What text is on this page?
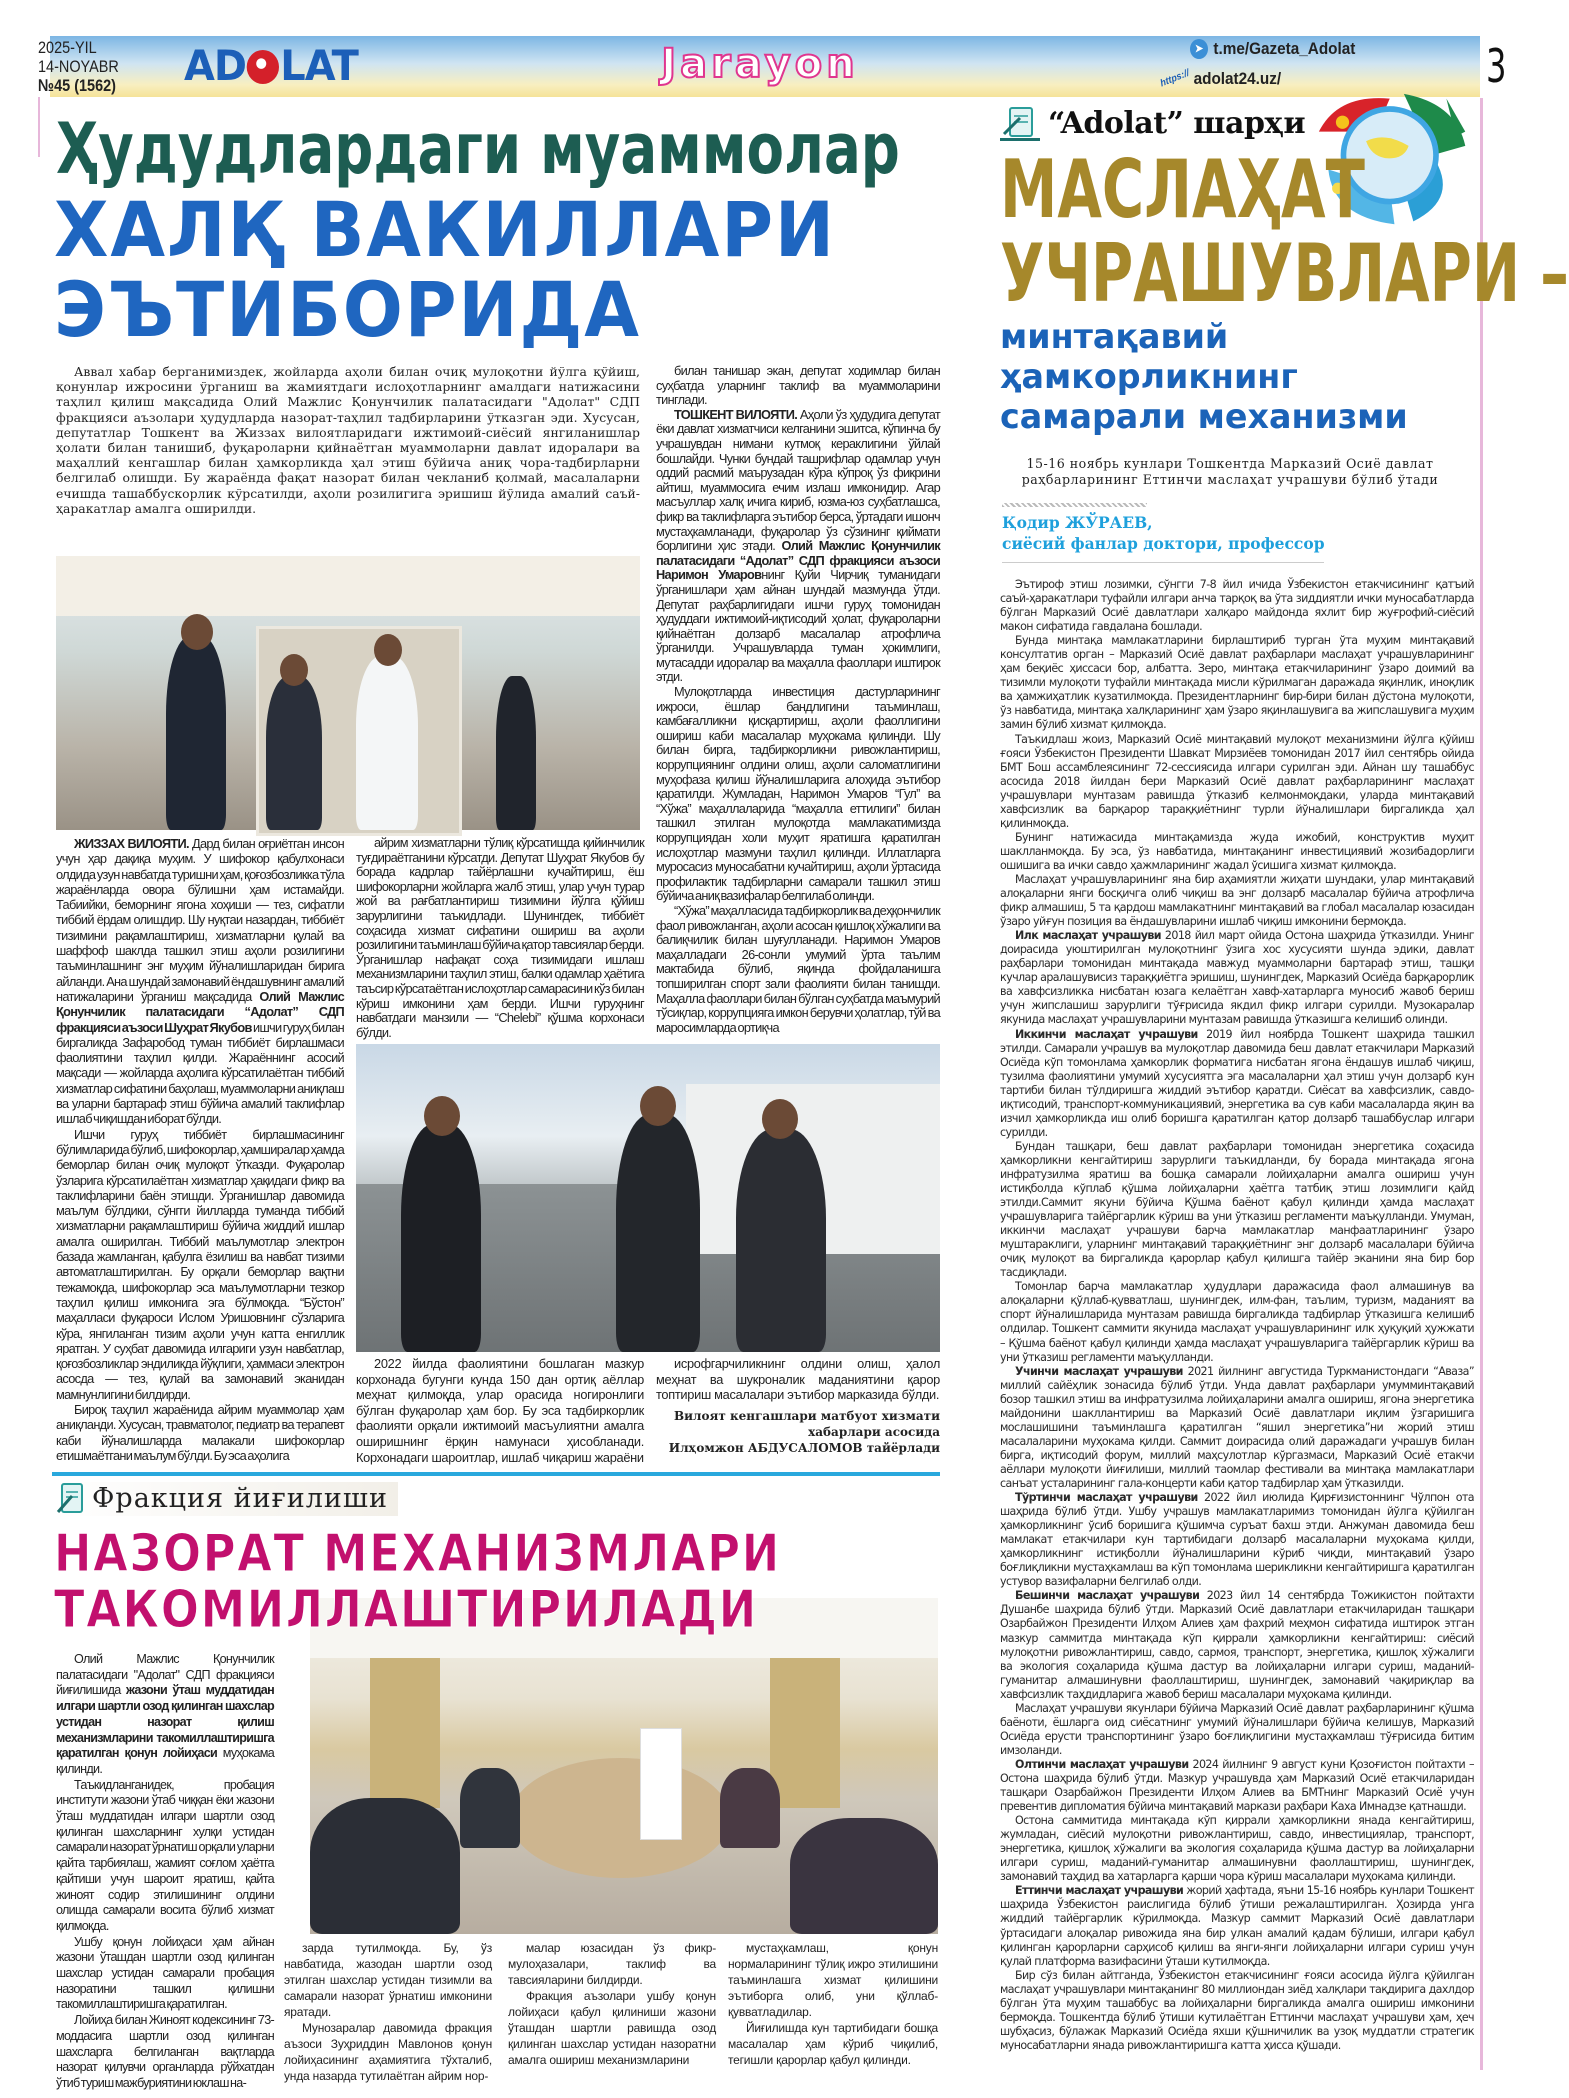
2025-YIL
14-NOYABR
№45 (1562) AD LAT	Jarayon	➤ t.me/Gazeta_Adolat
https:// adolat24.uz/	3
Ҳудудлардаги муаммолар
ХАЛҚ ВАКИЛЛАРИ
ЭЪТИБОРИДА

Аввал хабар берганимиздек, жойларда аҳоли билан очиқ мулоқотни йўлга қўйиш, қонунлар ижросини ўрганиш ва жамиятдаги ислоҳотларнинг амалдаги натижасини таҳлил қилиш мақсадида Олий Мажлис Қонунчилик палатасидаги "Адолат" СДП фракцияси аъзолари ҳудудларда назорат-таҳлил тадбирларини ўтказган эди. Хусусан, депутатлар Тошкент ва Жиззах вилоятларидаги ижтимоий-сиёсий янгиланишлар ҳолати билан танишиб, фуқароларни қийнаётган муаммоларни давлат идоралари ва маҳаллий кенгашлар билан ҳамкорликда ҳал этиш бўйича аниқ чора-тадбирларни белгилаб олишди. Бу жараёнда фақат назорат билан чекланиб қолмай, масалаларни ечишда ташаббускорлик кўрсатилди, аҳоли розилигига эришиш йўлида амалий саъй-ҳаракатлар амалга оширилди.

ЖИЗЗАХ ВИЛОЯТИ. Дард билан оғриётган инсон учун ҳар дақиқа муҳим. У шифокор қабулхонаси олдида узун навбатда туришни ҳам, қоғозбозликка тўла жараёнларда овора бўлишни ҳам истамайди. Табиийки, беморнинг ягона хоҳиши — тез, сифатли тиббий ёрдам олишдир. Шу нуқтаи назардан, тиббиёт тизимини рақамлаштириш, хизматларни қулай ва шаффоф шаклда ташкил этиш аҳоли розилигини таъминлашнинг энг муҳим йўналишларидан бирига айланди. Ана шундай замонавий ёндашувнинг амалий натижаларини ўрганиш мақсадида Олий Мажлис Қонунчилик палатасидаги “Адолат” СДП фракцияси аъзоси Шуҳрат Якубов ишчи гуруҳ билан биргаликда Зафаробод туман тиббиёт бирлашмаси фаолиятини таҳлил қилди. Жараённинг асосий мақсади — жойларда аҳолига кўрсатилаётган тиббий хизматлар сифатини баҳолаш, муаммоларни аниқлаш ва уларни бартараф этиш бўйича амалий таклифлар ишлаб чиқишдан иборат бўлди.

Ишчи гуруҳ тиббиёт бирлашмасининг бўлимларида бўлиб, шифокорлар, ҳамширалар ҳамда беморлар билан очиқ мулоқот ўтказди. Фуқаролар ўзларига кўрсатилаётган хизматлар ҳақидаги фикр ва таклифларини баён этишди. Ўрганишлар давомида маълум бўлдики, сўнгги йилларда туманда тиббий хизматларни рақамлаштириш бўйича жиддий ишлар амалга оширилган. Тиббий маълумотлар электрон базада жамланган, қабулга ёзилиш ва навбат тизими автоматлаштирилган. Бу орқали беморлар вақтни тежамоқда, шифокорлар эса маълумотларни тезкор таҳлил қилиш имконига эга бўлмоқда. “Бўстон” маҳалласи фуқароси Ислом Уришовнинг сўзларига кўра, янгиланган тизим аҳоли учун катта енгиллик яратган. У суҳбат давомида илгариги узун навбатлар, қоғозбозликлар эндиликда йўқлиги, ҳаммаси электрон асосда — тез, қулай ва замонавий эканидан мамнунлигини билдирди.

Бироқ таҳлил жараёнида айрим муаммолар ҳам аниқланди. Хусусан, травматолог, педиатр ва терапевт каби йўналишларда малакали шифокорлар етишмаётгани маълум бўлди. Бу эса аҳолига

айрим хизматларни тўлиқ кўрсатишда қийинчилик туғдираётганини кўрсатди. Депутат Шуҳрат Якубов бу борада кадрлар тайёрлашни кучайтириш, ёш шифокорларни жойларга жалб этиш, улар учун турар жой ва рағбатлантириш тизимини йўлга қўйиш зарурлигини таъкидлади. Шунингдек, тиббиёт соҳасида хизмат сифатини ошириш ва аҳоли розилигини таъминлаш бўйича қатор тавсиялар берди. Ўрганишлар нафақат соҳа тизимидаги ишлаш механизмларини таҳлил этиш, балки одамлар ҳаётига таъсир кўрсатаётган ислоҳотлар самарасини кўз билан кўриш имконини ҳам берди. Ишчи гуруҳнинг навбатдаги манзили — “Chelebi” қўшма корхонаси бўлди.

билан танишар экан, депутат ходимлар билан суҳбатда уларнинг таклиф ва муаммоларини тинглади.

ТОШКЕНТ ВИЛОЯТИ. Аҳоли ўз ҳудудига депутат ёки давлат хизматчиси келганини эшитса, кўпинча бу учрашувдан нимани кутмоқ кераклигини ўйлай бошлайди. Чунки бундай ташрифлар одамлар учун оддий расмий маърузадан кўра кўпроқ ўз фикрини айтиш, муаммосига ечим излаш имконидир. Агар масъуллар халқ ичига кириб, юзма-юз суҳбатлашса, фикр ва таклифларга эътибор берса, ўртадаги ишонч мустаҳкамланади, фуқаролар ўз сўзининг қиймати борлигини ҳис этади. Олий Мажлис Қонунчилик палатасидаги “Адолат” СДП фракцияси аъзоси Наримон Умаровнинг Қуйи Чирчиқ туманидаги ўрганишлари ҳам айнан шундай мазмунда ўтди. Депутат раҳбарлигидаги ишчи гуруҳ томонидан ҳудуддаги ижтимоий-иқтисодий ҳолат, фуқароларни қийнаётган долзарб масалалар атрофлича ўрганилди. Учрашувларда туман ҳокимлиги, мутасадди идоралар ва маҳалла фаоллари иштирок этди.

Мулоқотларда инвестиция дастурларининг ижроси, ёшлар бандлигини таъминлаш, камбағалликни қисқартириш, аҳоли фаоллигини ошириш каби масалалар муҳокама қилинди. Шу билан бирга, тадбиркорликни ривожлантириш, коррупциянинг олдини олиш, аҳоли саломатлигини муҳофаза қилиш йўналишларига алоҳида эътибор қаратилди. Жумладан, Наримон Умаров “Гул” ва “Хўжа” маҳаллаларида “маҳалла еттилиги” билан ташкил этилган мулоқотда мамлакатимизда коррупциядан холи муҳит яратишга қаратилган ислоҳотлар мазмуни таҳлил қилинди. Иллатларга муросасиз муносабатни кучайтириш, аҳоли ўртасида профилактик тадбирларни самарали ташкил этиш бўйича аниқ вазифалар белгилаб олинди.

“Хўжа” маҳалласида тадбиркорлик ва деҳқончилик фаол ривожланган, аҳоли асосан қишлоқ хўжалиги ва балиқчилик билан шуғулланади. Наримон Умаров маҳалладаги 26-сонли умумий ўрта таълим мактабида бўлиб, яқинда фойдаланишга топширилган спорт зали фаолияти билан танишди. Маҳалла фаоллари билан бўлган суҳбатда маъмурий тўсиқлар, коррупцияга имкон берувчи ҳолатлар, тўй ва маросимларда ортиқча

2022 йилда фаолиятини бошлаган мазкур корхонада бугунги кунда 150 дан ортиқ аёллар меҳнат қилмоқда, улар орасида ногиронлиги бўлган фуқаролар ҳам бор. Бу эса тадбиркорлик фаолияти орқали ижтимоий масъулиятни амалга оширишнинг ёрқин намунаси ҳисобланади. Корхонадаги шароитлар, ишлаб чиқариш жараёни

исрофгарчиликнинг олдини олиш, ҳалол меҳнат ва шукроналик маданиятини қарор топтириш масалалари эътибор марказида бўлди.

Вилоят кенгашлари матбуот хизмати
хабарлари асосида
Илҳомжон АБДУСАЛОМОВ тайёрлади
Фракция йиғилиши
НАЗОРАТ МЕХАНИЗМЛАРИ
ТАКОМИЛЛАШТИРИЛАДИ

Олий Мажлис Қонунчилик палатасидаги "Адолат" СДП фракцияси йиғилишида жазони ўташ муддатидан илгари шартли озод қилинган шахслар устидан назорат қилиш механизмларини такомиллаштиришга қаратилган қонун лойиҳаси муҳокама қилинди.

Таъкидланганидек, пробация институти жазони ўтаб чиққан ёки жазони ўташ муддатидан илгари шартли озод қилинган шахсларнинг хулқи устидан самарали назорат ўрнатиш орқали уларни қайта тарбиялаш, жамият соғлом ҳаётга қайтиши учун шароит яратиш, қайта жиноят содир этилишининг олдини олишда самарали восита бўлиб хизмат қилмоқда.

Ушбу қонун лойиҳаси ҳам айнан жазони ўташдан шартли озод қилинган шахслар устидан самарали пробация назоратини ташкил қилишни такомиллаштиришга қаратилган.

Лойиҳа билан Жиноят кодексининг 73-моддасига шартли озод қилинган шахсларга белгиланган вақтларда назорат қилувчи органларда рўйхатдан ўтиб туриш мажбуриятини юклаш на-

зарда тутилмоқда. Бу, ўз навбатида, жазодан шартли озод этилган шахслар устидан тизимли ва самарали назорат ўрнатиш имконини яратади.

Мунозаралар давомида фракция аъзоси Зуҳриддин Мавлонов қонун лойиҳасининг аҳамиятига тўхталиб, унда назарда тутилаётган айрим нор-

малар юзасидан ўз фикр-мулоҳазалари, таклиф ва тавсияларини билдирди.

Фракция аъзолари ушбу қонун лойиҳаси қабул қилиниши жазони ўташдан шартли равишда озод қилинган шахслар устидан назоратни амалга ошириш механизмларини

мустаҳкамлаш, қонун нормаларининг тўлиқ ижро этилишини таъминлашга хизмат қилишини эътиборга олиб, уни қўллаб-қувватладилар.

Йиғилишда кун тартибидаги бошқа масалалар ҳам кўриб чиқилиб, тегишли қарорлар қабул қилинди.

“Adolat” шарҳи
МАСЛАҲАТ
УЧРАШУВЛАРИ –
минтақавий
ҳамкорликнинг
самарали механизми
15-16 ноябрь кунлари Тошкентда Марказий Осиё давлат
раҳбарларининг Еттинчи маслаҳат учрашуви бўлиб ўтади
Қодир ЖЎРАЕВ,
сиёсий фанлар доктори, профессор

Эътироф этиш лозимки, сўнгги 7-8 йил ичида Ўзбекистон етакчисининг қатъий саъй-ҳаракатлари туфайли илгари анча тарқоқ ва ўта зиддиятли ички муносабатларда бўлган Марказий Осиё давлатлари халқаро майдонда яхлит бир жуғрофий-сиёсий макон сифатида гавдалана бошлади.

Бунда минтақа мамлакатларини бирлаштириб турган ўта муҳим минтақавий консултатив орган – Марказий Осиё давлат раҳбарлари маслаҳат учрашувларининг ҳам беқиёс ҳиссаси бор, албатта. Зеро, минтақа етакчиларининг ўзаро доимий ва тизимли мулоқоти туфайли минтақада мисли кўрилмаган даражада яқинлик, иноқлик ва ҳамжиҳатлик кузатилмоқда. Президентларнинг бир-бири билан дўстона мулоқоти, ўз навбатида, минтақа халқларининг ҳам ўзаро яқинлашувига ва жипслашувига муҳим замин бўлиб хизмат қилмоқда.

Таъкидлаш жоиз, Марказий Осиё минтақавий мулоқот механизмини йўлга қўйиш ғояси Ўзбекистон Президенти Шавкат Мирзиёев томонидан 2017 йил сентябрь ойида БМТ Бош ассамблеясининг 72-сессиясида илгари сурилган эди. Айнан шу ташаббус асосида 2018 йилдан бери Марказий Осиё давлат раҳбарларининг маслаҳат учрашувлари мунтазам равишда ўтказиб келмонмоқдаки, уларда минтақавий хавфсизлик ва барқарор тараққиётнинг турли йўналишлари биргаликда ҳал қилинмоқда.

Бунинг натижасида минтақамизда жуда ижобий, конструктив муҳит шаклланмоқда. Бу эса, ўз навбатида, минтақанинг инвестициявий жозибадорлиги ошишига ва ички савдо ҳажмларининг жадал ўсишига хизмат қилмоқда.

Маслаҳат учрашувларининг яна бир аҳамиятли жиҳати шундаки, улар минтақавий алоқаларни янги босқичга олиб чиқиш ва энг долзарб масалалар бўйича атрофлича фикр алмашиш, 5 та қардош мамлакатнинг минтақавий ва глобал масалалар юзасидан ўзаро уйғун позиция ва ёндашувларини ишлаб чиқиш имконини бермоқда.

Илк маслаҳат учрашуви 2018 йил март ойида Остона шаҳрида ўтказилди. Унинг доирасида уюштирилган мулоқотнинг ўзига хос хусусияти шунда эдики, давлат раҳбарлари томонидан минтақада мавжуд муаммоларни бартараф этиш, ташқи кучлар аралашувисиз тараққиётга эришиш, шунингдек, Марказий Осиёда барқарорлик ва хавфсизликка нисбатан юзага келаётган хавф-хатарларга муносиб жавоб бериш учун жипслашиш зарурлиги тўғрисида якдил фикр илгари сурилди. Музокаралар якунида маслаҳат учрашувларини мунтазам равишда ўтказишга келишиб олинди.

Иккинчи маслаҳат учрашуви 2019 йил ноябрда Тошкент шаҳрида ташкил этилди. Самарали учрашув ва мулоқотлар давомида беш давлат етакчилари Марказий Осиёда кўп томонлама ҳамкорлик форматига нисбатан ягона ёндашув ишлаб чиқиш, тузилма фаолиятини умумий хусусиятга эга масалаларни ҳал этиш учун долзарб кун тартиби билан тўлдиришга жиддий эътибор қаратди. Сиёсат ва хавфсизлик, савдо-иқтисодий, транспорт-коммуникациявий, энергетика ва сув каби масалаларда яқин ва изчил ҳамкорликда иш олиб боришга қаратилган қатор долзарб ташаббуслар илгари сурилди.

Бундан ташқари, беш давлат раҳбарлари томонидан энергетика соҳасида ҳамкорликни кенгайтириш зарурлиги таъкидланди, бу борада минтақада ягона инфратузилма яратиш ва бошқа самарали лойиҳаларни амалга ошириш учун истиқболда кўплаб қўшма лойиҳаларни ҳаётга татбиқ этиш лозимлиги қайд этилди.Саммит якуни бўйича Қўшма баёнот қабул қилинди ҳамда маслаҳат учрашувларига тайёргарлик кўриш ва уни ўтказиш регламенти маъқулланди. Умуман, иккинчи маслаҳат учрашуви барча мамлакатлар манфаатларининг ўзаро муштараклиги, уларнинг минтақавий тараққиётнинг энг долзарб масалалари бўйича очиқ мулоқот ва биргаликда қарорлар қабул қилишга тайёр эканини яна бир бор тасдиқлади.

Томонлар барча мамлакатлар ҳудудлари даражасида фаол алмашинув ва алоқаларни қўллаб-қувватлаш, шунингдек, илм-фан, таълим, туризм, маданият ва спорт йўналишларида мунтазам равишда биргаликда тадбирлар ўтказишга келишиб олдилар. Тошкент саммити якунида маслаҳат учрашувларининг илк ҳуқуқий ҳужжати – Қўшма баёнот қабул қилинди ҳамда маслаҳат учрашувларига тайёргарлик кўриш ва уни ўтказиш регламенти маъқулланди.

Учинчи маслаҳат учрашуви 2021 йилнинг августида Туркманистондаги “Аваза” миллий сайёҳлик зонасида бўлиб ўтди. Унда давлат раҳбарлари умумминтақавий бозор ташкил этиш ва инфратузилма лойиҳаларини амалга ошириш, ягона энергетика майдонини шакллантириш ва Марказий Осиё давлатлари иқлим ўзгаришига мослашишини таъминлашга қаратилган “яшил энергетика”ни жорий этиш масалаларини муҳокама қилди. Саммит доирасида олий даражадаги учрашув билан бирга, иқтисодий форум, миллий маҳсулотлар кўргазмаси, Марказий Осиё етакчи аёллари мулоқоти йиғилиши, миллий таомлар фестивали ва минтақа мамлакатлари санъат усталарининг гала-концерти каби қатор тадбирлар ҳам ўтказилди.

Тўртинчи маслаҳат учрашуви 2022 йил июлида Қирғизистоннинг Чўлпон ота шаҳрида бўлиб ўтди. Ушбу учрашув мамлакатларимиз томонидан йўлга қўйилган ҳамкорликнинг ўсиб боришига қўшимча суръат бахш этди. Анжуман давомида беш мамлакат етакчилари кун тартибидаги долзарб масалаларни муҳокама қилди, ҳамкорликнинг истиқболли йўналишларини кўриб чиқди, минтақавий ўзаро боғлиқликни мустаҳкамлаш ва кўп томонлама шерикликни кенгайтиришга қаратилган устувор вазифаларни белгилаб олди.

Бешинчи маслаҳат учрашуви 2023 йил 14 сентябрда Тожикистон пойтахти Душанбе шаҳрида бўлиб ўтди. Марказий Осиё давлатлари етакчиларидан ташқари Озарбайжон Президенти Илҳом Алиев ҳам фахрий меҳмон сифатида иштирок этган мазкур саммитда минтақада кўп қиррали ҳамкорликни кенгайтириш: сиёсий мулоқотни ривожлантириш, савдо, сармоя, транспорт, энергетика, қишлоқ хўжалиги ва экология соҳаларида қўшма дастур ва лойиҳаларни илгари суриш, маданий-гуманитар алмашинувни фаоллаштириш, шунингдек, замонавий чақириқлар ва хавфсизлик таҳдидларига жавоб бериш масалалари муҳокама қилинди.

Маслаҳат учрашуви якунлари бўйича Марказий Осиё давлат раҳбарларининг қўшма баёноти, ёшларга оид сиёсатнинг умумий йўналишлари бўйича келишув, Марказий Осиёда ерусти транспортининг ўзаро боғлиқлигини мустаҳкамлаш тўғрисида битим имзоланди.

Олтинчи маслаҳат учрашуви 2024 йилнинг 9 август куни Қозоғистон пойтахти – Остона шаҳрида бўлиб ўтди. Мазкур учрашувда ҳам Марказий Осиё етакчиларидан ташқари Озарбайжон Президенти Илҳом Алиев ва БМТнинг Марказий Осиё учун превентив дипломатия бўйича минтақавий маркази раҳбари Каха Имнадзе қатнашди.

Остона саммитида минтақада кўп қиррали ҳамкорликни янада кенгайтириш, жумладан, сиёсий мулоқотни ривожлантириш, савдо, инвестициялар, транспорт, энергетика, қишлоқ хўжалиги ва экология соҳаларида қўшма дастур ва лойиҳаларни илгари суриш, маданий-гуманитар алмашинувни фаоллаштириш, шунингдек, замонавий таҳдид ва хатарларга қарши чора кўриш масалалари муҳокама қилинди.

Еттинчи маслаҳат учрашуви жорий ҳафтада, яъни 15-16 ноябрь кунлари Тошкент шаҳрида Ўзбекистон раислигида бўлиб ўтиши режалаштирилган. Ҳозирда унга жиддий тайёргарлик кўрилмоқда. Мазкур саммит Марказий Осиё давлатлари ўртасидаги алоқалар ривожида яна бир улкан амалий қадам бўлиши, илгари қабул қилинган қарорларни сарҳисоб қилиш ва янги-янги лойиҳаларни илгари суриш учун қулай платформа вазифасини ўташи кутилмоқда.

Бир сўз билан айтганда, Ўзбекистон етакчисининг ғояси асосида йўлга қўйилган маслаҳат учрашувлари минтақанинг 80 миллиондан зиёд халқлари тақдирига дахлдор бўлган ўта муҳим ташаббус ва лойиҳаларни биргаликда амалга ошириш имконини бермоқда. Тошкентда бўлиб ўтиши кутилаётган Еттинчи маслаҳат учрашуви ҳам, ҳеч шубҳасиз, бўлажак Марказий Осиёда яхши қўшничилик ва узоқ муддатли стратегик муносабатларни янада ривожлантиришга катта ҳисса қўшади.
